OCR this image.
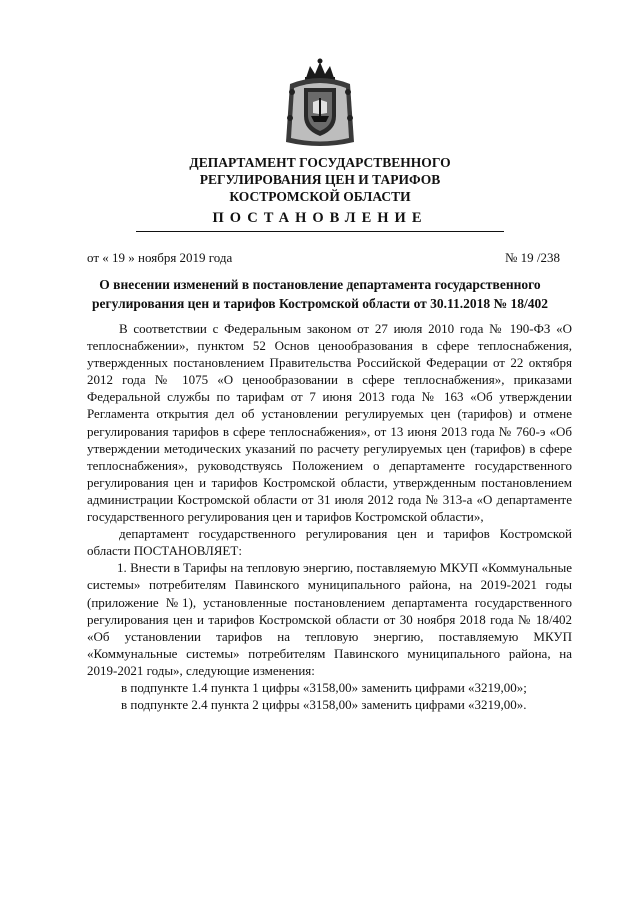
ДЕПАРТАМЕНТ ГОСУДАРСТВЕННОГО
РЕГУЛИРОВАНИЯ ЦЕН И ТАРИФОВ
КОСТРОМСКОЙ ОБЛАСТИ
ПОСТАНОВЛЕНИЕ
от « 19 » ноября 2019 года	№ 19 /238
О внесении изменений в постановление департамента государственного регулирования цен и тарифов Костромской области от 30.11.2018 № 18/402

В соответствии с Федеральным законом от 27 июля 2010 года № 190-ФЗ «О теплоснабжении», пунктом 52 Основ ценообразования в сфере теплоснабжения, утвержденных постановлением Правительства Российской Федерации от 22 октября 2012 года № 1075 «О ценообразовании в сфере теплоснабжения», приказами Федеральной службы по тарифам от 7 июня 2013 года № 163 «Об утверждении Регламента открытия дел об установлении регулируемых цен (тарифов) и отмене регулирования тарифов в сфере теплоснабжения», от 13 июня 2013 года № 760-э «Об утверждении методических указаний по расчету регулируемых цен (тарифов) в сфере теплоснабжения», руководствуясь Положением о департаменте государственного регулирования цен и тарифов Костромской области, утвержденным постановлением администрации Костромской области от 31 июля 2012 года № 313-а «О департаменте государственного регулирования цен и тарифов Костромской области»,

департамент государственного регулирования цен и тарифов Костромской области ПОСТАНОВЛЯЕТ:

1. Внести в Тарифы на тепловую энергию, поставляемую МКУП «Коммунальные системы» потребителям Павинского муниципального района, на 2019-2021 годы (приложение №1), установленные постановлением департамента государственного регулирования цен и тарифов Костромской области от 30 ноября 2018 года № 18/402 «Об установлении тарифов на тепловую энергию, поставляемую МКУП «Коммунальные системы» потребителям Павинского муниципального района, на 2019-2021 годы», следующие изменения:

в подпункте 1.4 пункта 1 цифры «3158,00» заменить цифрами «3219,00»;

в подпункте 2.4 пункта 2 цифры «3158,00» заменить цифрами «3219,00».
